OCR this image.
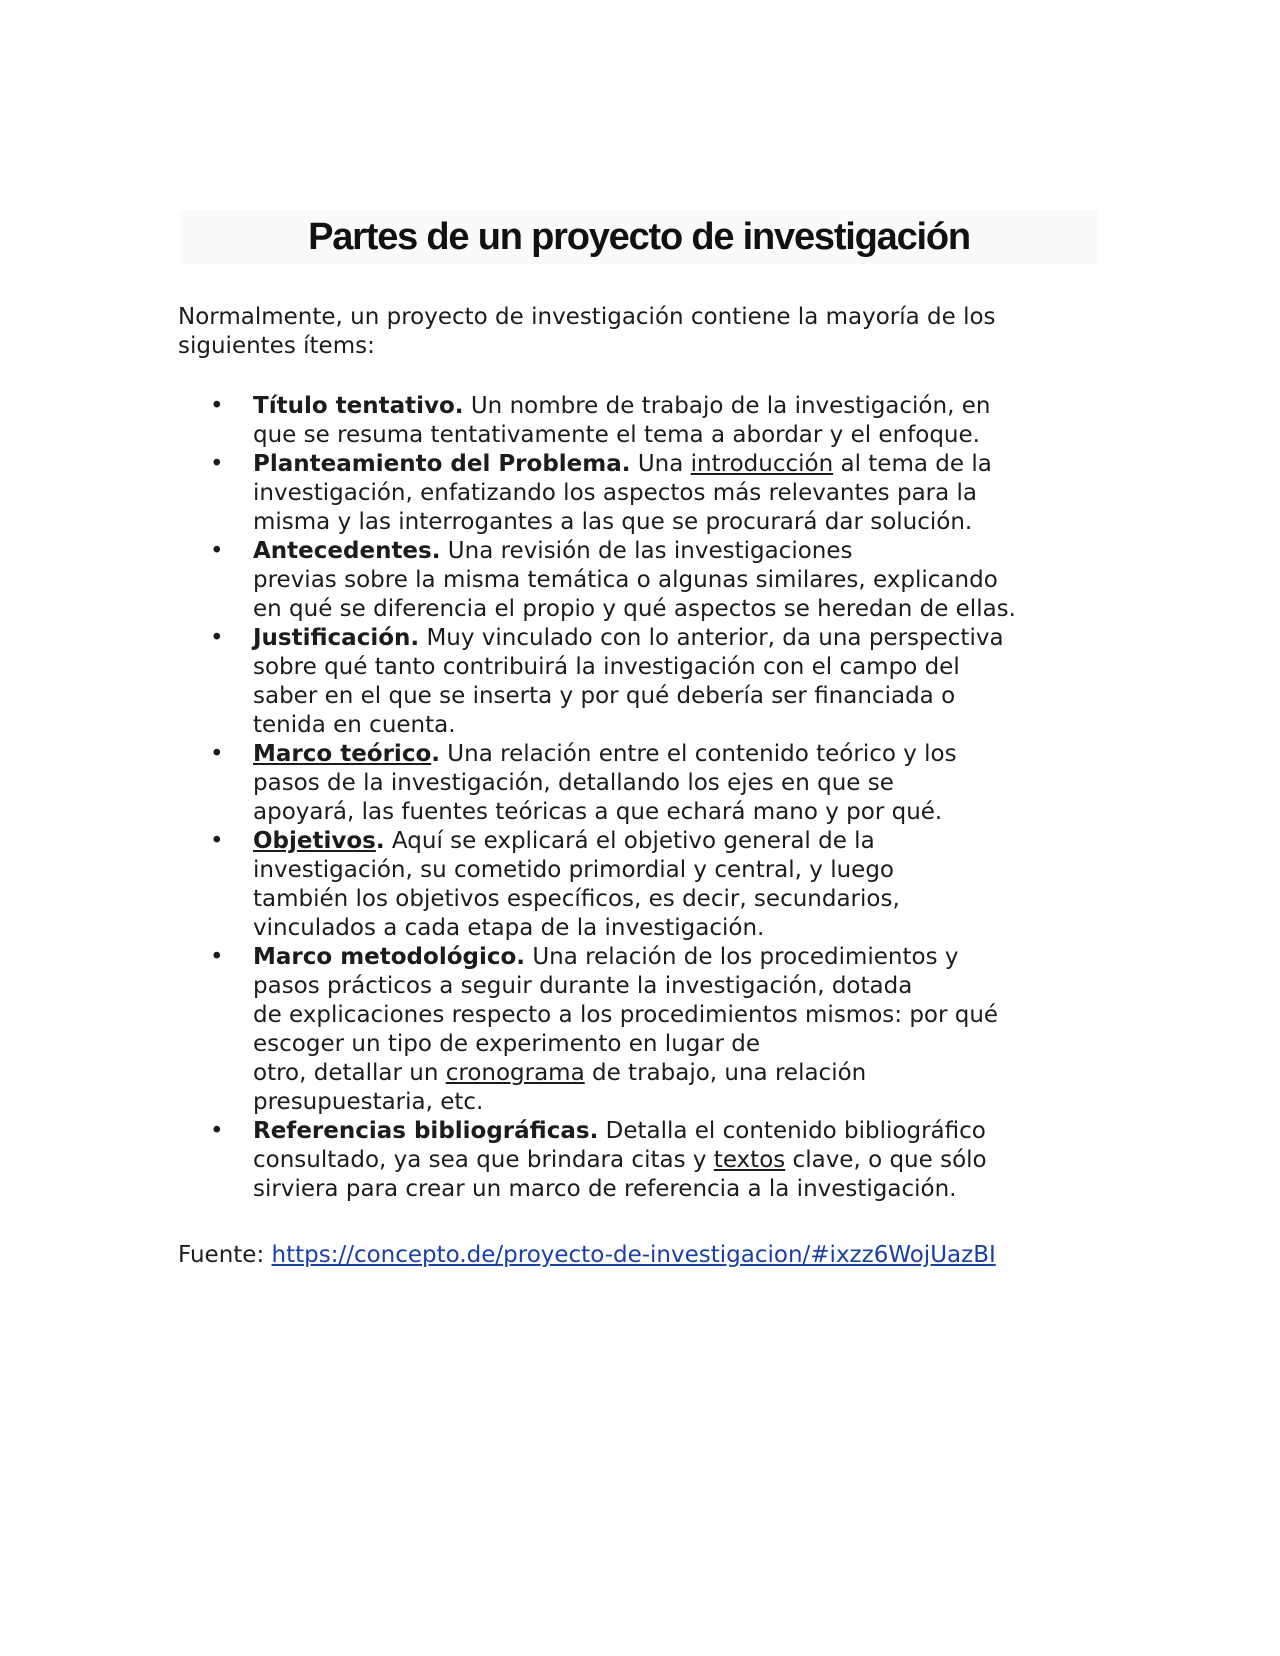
Partes de un proyecto de investigación

Normalmente, un proyecto de investigación contiene la mayoría de los
siguientes ítems:

• Título tentativo. Un nombre de trabajo de la investigación, en
que se resuma tentativamente el tema a abordar y el enfoque.
• Planteamiento del Problema. Una introducción al tema de la
investigación, enfatizando los aspectos más relevantes para la
misma y las interrogantes a las que se procurará dar solución.
• Antecedentes. Una revisión de las investigaciones
previas sobre la misma temática o algunas similares, explicando
en qué se diferencia el propio y qué aspectos se heredan de ellas.
• Justificación. Muy vinculado con lo anterior, da una perspectiva
sobre qué tanto contribuirá la investigación con el campo del
saber en el que se inserta y por qué debería ser financiada o
tenida en cuenta.
• Marco teórico. Una relación entre el contenido teórico y los
pasos de la investigación, detallando los ejes en que se
apoyará, las fuentes teóricas a que echará mano y por qué.
• Objetivos. Aquí se explicará el objetivo general de la
investigación, su cometido primordial y central, y luego
también los objetivos específicos, es decir, secundarios,
vinculados a cada etapa de la investigación.
• Marco metodológico. Una relación de los procedimientos y
pasos prácticos a seguir durante la investigación, dotada
de explicaciones respecto a los procedimientos mismos: por qué
escoger un tipo de experimento en lugar de
otro, detallar un cronograma de trabajo, una relación
presupuestaria, etc.
• Referencias bibliográficas. Detalla el contenido bibliográfico
consultado, ya sea que brindara citas y textos clave, o que sólo
sirviera para crear un marco de referencia a la investigación.

Fuente: https://concepto.de/proyecto-de-investigacion/#ixzz6WojUazBI
